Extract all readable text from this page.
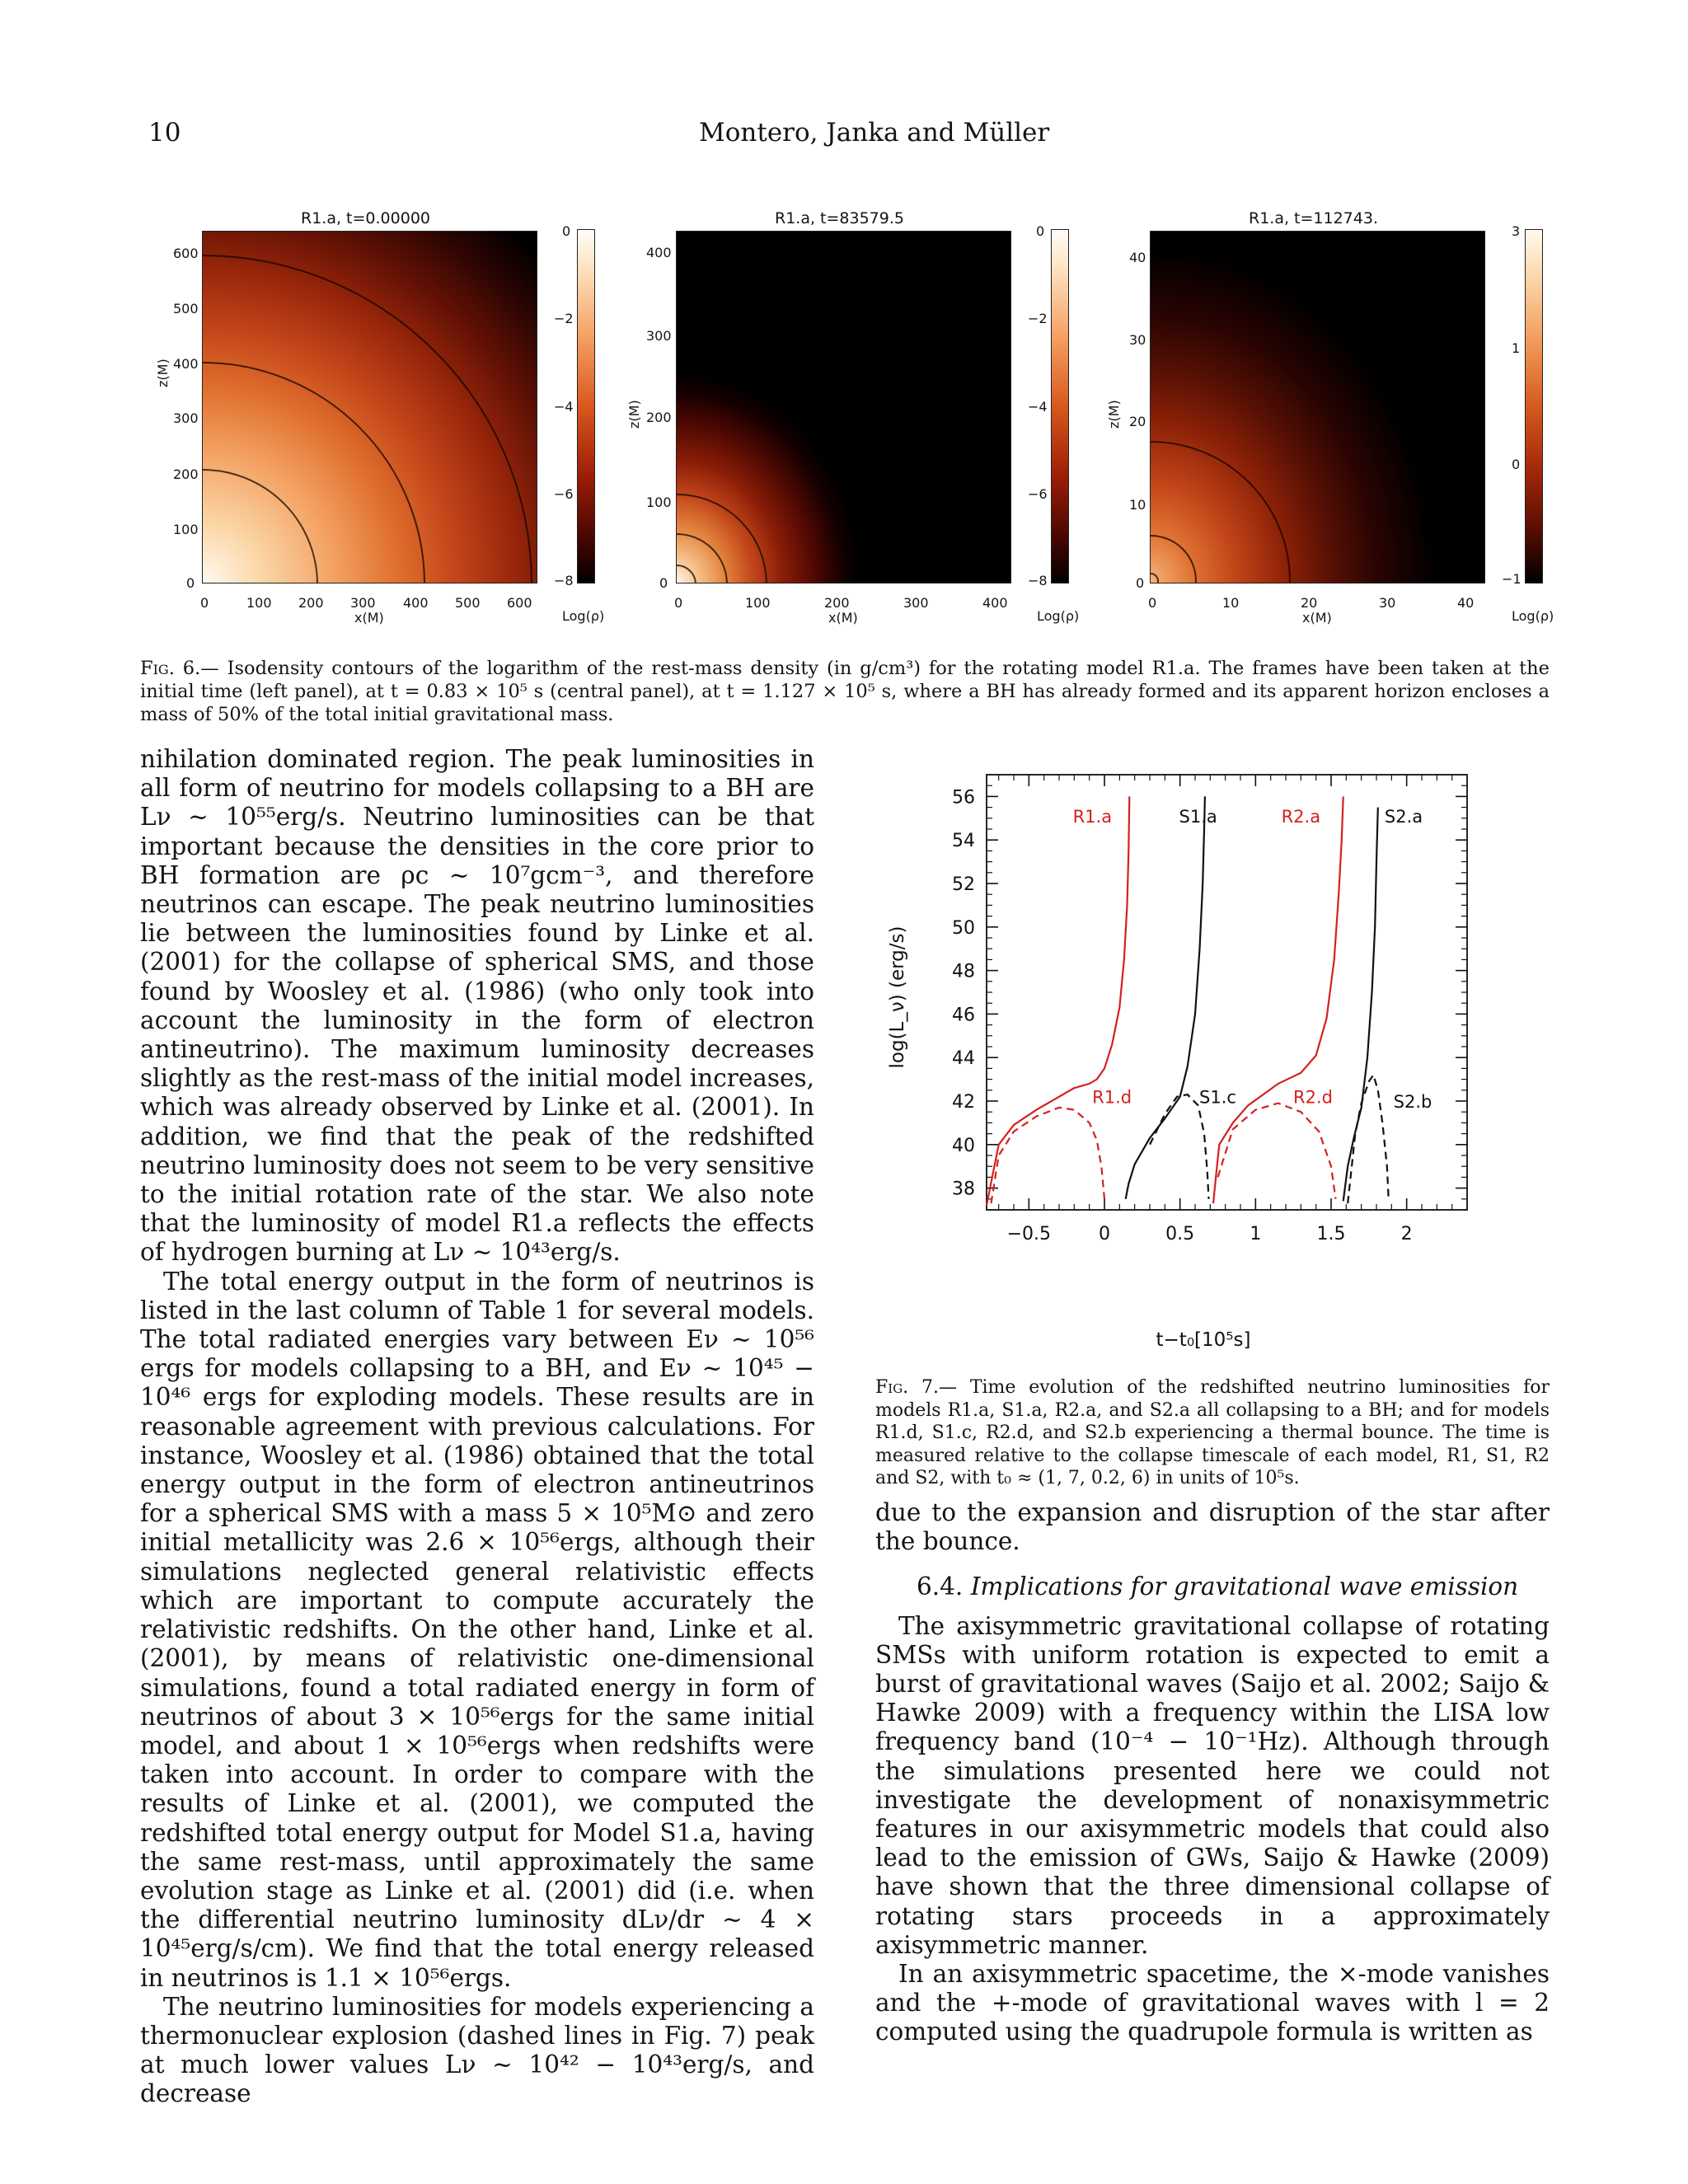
10	Montero, Janka and Müller
R1.a, t=0.00000
z(M)
0
100
200
300
400
500
600
0	100 200 300 400 500 600
x(M)
0
−2
−4
−6
−8
Log(ρ)
R1.a, t=83579.5
z(M)
0
100
200
300
400
0	100	200	300	400
x(M)
0
−2
−4
−6
−8
Log(ρ)
R1.a, t=112743.
z(M)
0
10
20
30
40
0	10	20	30	40
x(M)
3
1
0
−1
Log(ρ)
Fig. 6.— Isodensity contours of the logarithm of the rest-mass density (in g/cm³) for the rotating model R1.a. The frames have been taken at the initial time (left panel), at t = 0.83 × 10⁵ s (central panel), at t = 1.127 × 10⁵ s, where a BH has already formed and its apparent horizon encloses a mass of 50% of the total initial gravitational mass.

nihilation dominated region. The peak luminosities in all form of neutrino for models collapsing to a BH are Lν ∼ 10⁵⁵erg/s. Neutrino luminosities can be that important because the densities in the core prior to BH formation are ρc ∼ 10⁷gcm⁻³, and therefore neutrinos can escape. The peak neutrino luminosities lie between the luminosities found by Linke et al. (2001) for the collapse of spherical SMS, and those found by Woosley et al. (1986) (who only took into account the luminosity in the form of electron antineutrino). The maximum luminosity decreases slightly as the rest-mass of the initial model increases, which was already observed by Linke et al. (2001). In addition, we find that the peak of the redshifted neutrino luminosity does not seem to be very sensitive to the initial rotation rate of the star. We also note that the luminosity of model R1.a reflects the effects of hydrogen burning at Lν ∼ 10⁴³erg/s.

The total energy output in the form of neutrinos is listed in the last column of Table 1 for several models. The total radiated energies vary between Eν ∼ 10⁵⁶ ergs for models collapsing to a BH, and Eν ∼ 10⁴⁵ − 10⁴⁶ ergs for exploding models. These results are in reasonable agreement with previous calculations. For instance, Woosley et al. (1986) obtained that the total energy output in the form of electron antineutrinos for a spherical SMS with a mass 5 × 10⁵M⊙ and zero initial metallicity was 2.6 × 10⁵⁶ergs, although their simulations neglected general relativistic effects which are important to compute accurately the relativistic redshifts. On the other hand, Linke et al. (2001), by means of relativistic one-dimensional simulations, found a total radiated energy in form of neutrinos of about 3 × 10⁵⁶ergs for the same initial model, and about 1 × 10⁵⁶ergs when redshifts were taken into account. In order to compare with the results of Linke et al. (2001), we computed the redshifted total energy output for Model S1.a, having the same rest-mass, until approximately the same evolution stage as Linke et al. (2001) did (i.e. when the differential neutrino luminosity dLν/dr ∼ 4 × 10⁴⁵erg/s/cm). We find that the total energy released in neutrinos is 1.1 × 10⁵⁶ergs.

The neutrino luminosities for models experiencing a thermonuclear explosion (dashed lines in Fig. 7) peak at much lower values Lν ∼ 10⁴² − 10⁴³erg/s, and decrease

38
40
42
44
46
48
50
52
54
56
−0.5	0	0.5	1	1.5	2
R1.a	S1.a	R2.a	S2.a
R1.d	S1.c	R2.d	S2.b
t−t₀[10⁵s]
log(L_ν) (erg/s)
Fig. 7.— Time evolution of the redshifted neutrino luminosities for models R1.a, S1.a, R2.a, and S2.a all collapsing to a BH; and for models R1.d, S1.c, R2.d, and S2.b experiencing a thermal bounce. The time is measured relative to the collapse timescale of each model, R1, S1, R2 and S2, with t₀ ≈ (1, 7, 0.2, 6) in units of 10⁵s.

due to the expansion and disruption of the star after the bounce.

6.4. Implications for gravitational wave emission

The axisymmetric gravitational collapse of rotating SMSs with uniform rotation is expected to emit a burst of gravitational waves (Saijo et al. 2002; Saijo & Hawke 2009) with a frequency within the LISA low frequency band (10⁻⁴ − 10⁻¹Hz). Although through the simulations presented here we could not investigate the development of nonaxisymmetric features in our axisymmetric models that could also lead to the emission of GWs, Saijo & Hawke (2009) have shown that the three dimensional collapse of rotating stars proceeds in a approximately axisymmetric manner.

In an axisymmetric spacetime, the ×-mode vanishes and the +-mode of gravitational waves with l = 2 computed using the quadrupole formula is written as
